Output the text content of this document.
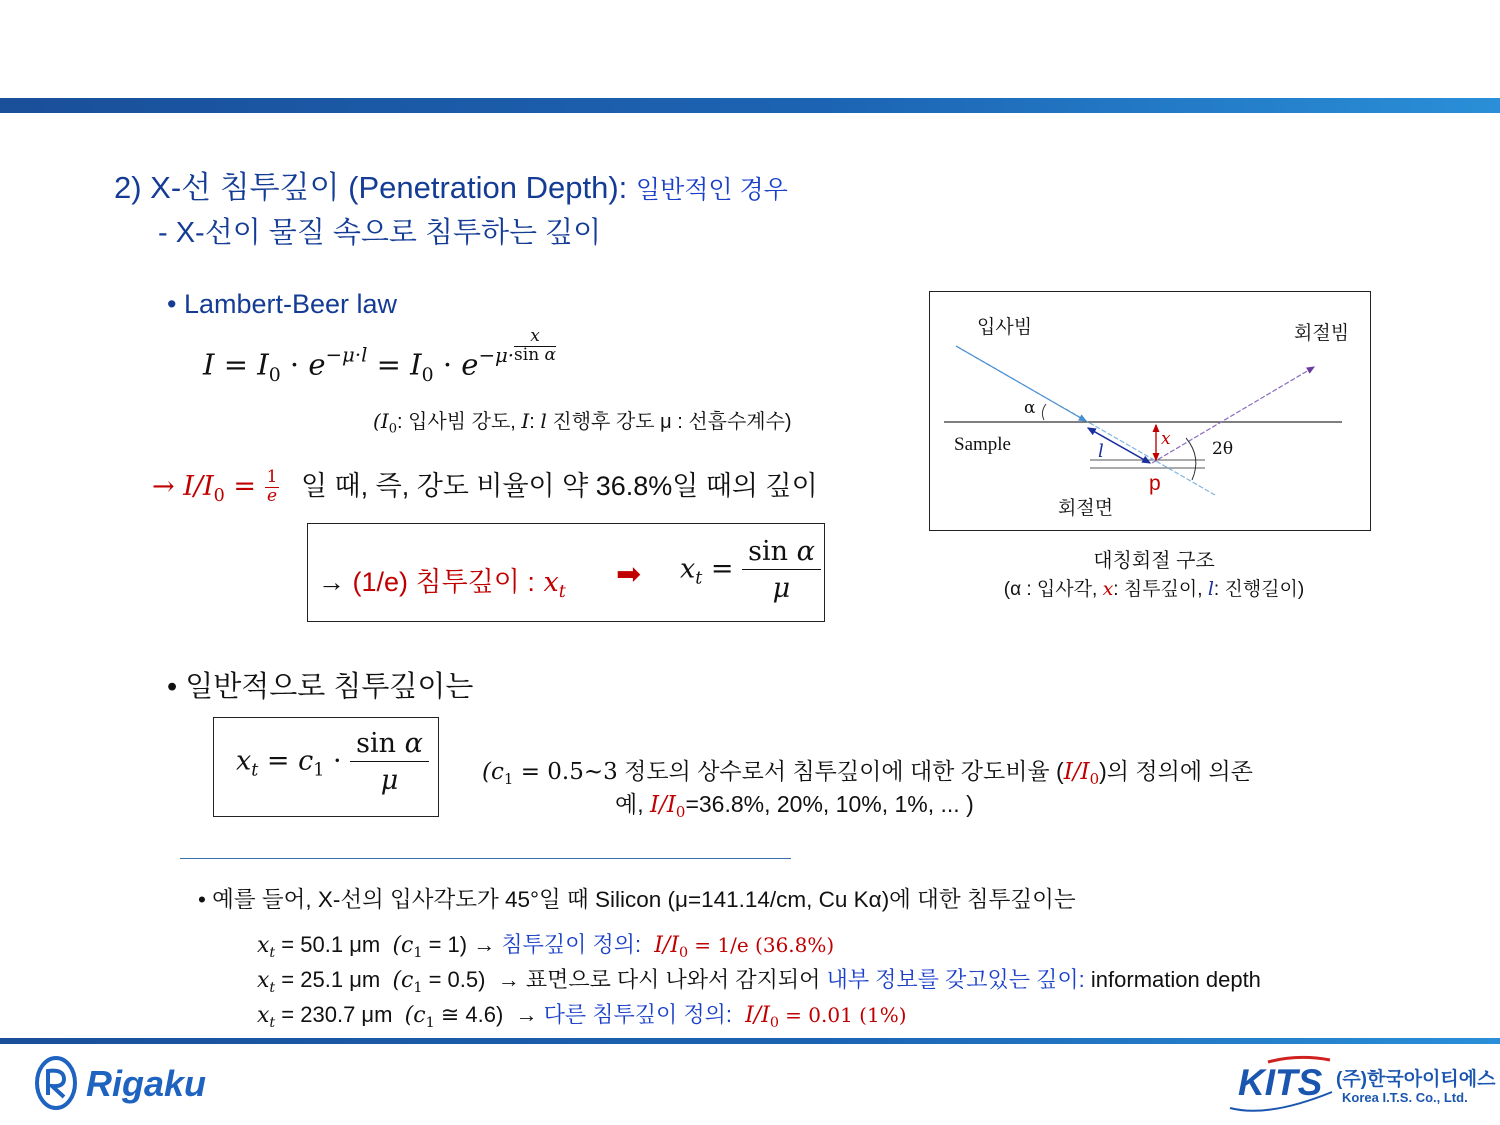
2) X-선 침투깊이 (Penetration Depth): 일반적인 경우
- X-선이 물질 속으로 침투하는 깊이
• Lambert-Beer law
$I = I_0 \cdot e^{-\mu\cdot l} = I_0 \cdot e^{-\mu\cdot \frac{x}{\text{sin α}}}$
($I_0$: 입사빔 강도, I: l 진행후 강도 μ : 선흡수계수)
→ $I/I_0 = \frac{1}{e}$ 일 때, 즉, 강도 비율이 약 36.8%일 때의 깊이
→ (1/e) 침투깊이 : $x_t$
➡ $x_t = \frac{\text{sin α}}{\mu}$
• 일반적으로 침투깊이는
$x_t = c_1 \cdot \frac{\text{sin α}}{\mu} (c_1$ = 0.5~3 정도의 상수로서 침투깊이에 대한 강도비율 $(I/I_0)$의 정의에 의존
예, $I/I_0=36.8\%$, 20%, 10%, 1%, ... )
• 예를 들어, X-선의 입사각도가 45°일 때 Silicon (μ=141.14/cm, Cu Kα)에 대한 침투깊이는
$x_t = 50.1$ μm $(c_1 = 1)$ → 침투깊이 정의:  $I/I_0 = 1/e$ (36.8%)
$x_t = 25.1$ μm $(c_1 = 0.5)$ → 표면으로 다시 나와서 감지되어 내부 정보를 갖고있는 깊이: information depth
$x_t = 230.7$ μm ($c_1$ ≅ 4.6) → 다른 침투깊이 정의:  $I/I_0 = 0.01$ (1%)
입사빔	회절빔
Sample
회절면
α
2θ
x
l
p
대칭회절 구조
(α : 입사각, x: 침투깊이, l: 진행길이)
Rigaku	KITS (주)한국아이티에스
Korea I.T.S. Co., Ltd.
